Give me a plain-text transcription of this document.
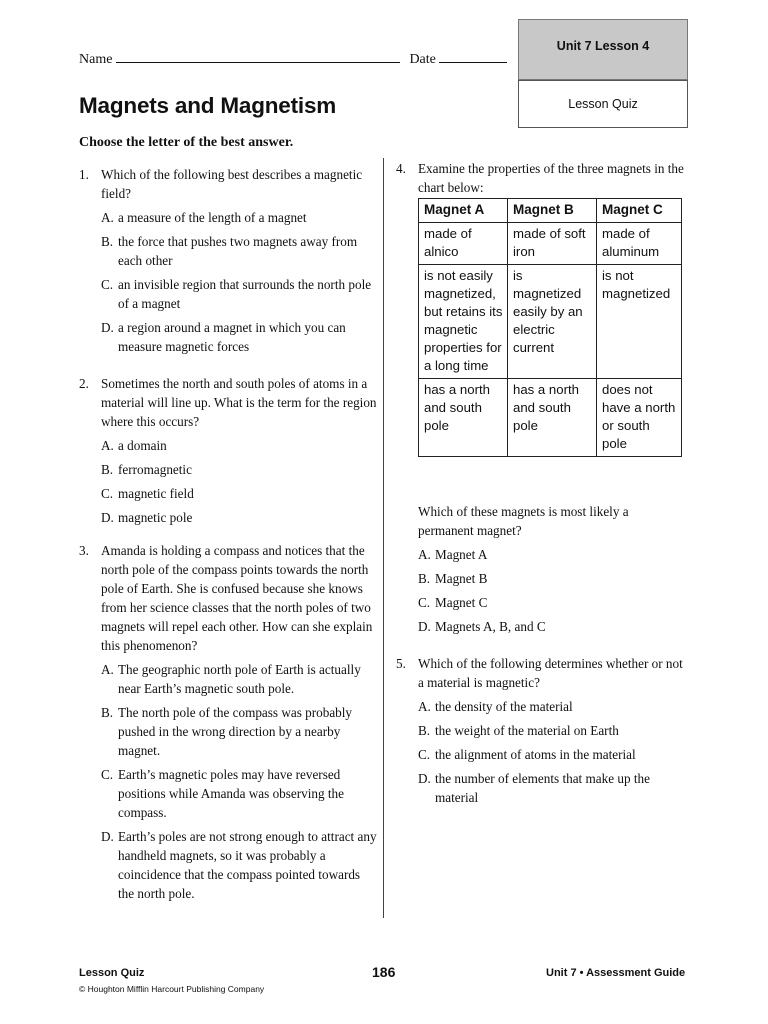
Name	Date
Unit 7 Lesson 4
Lesson Quiz
Magnets and Magnetism
Choose the letter of the best answer.
1. Which of the following best describes a magnetic field?
A. a measure of the length of a magnet
B. the force that pushes two magnets away from each other
C. an invisible region that surrounds the north pole of a magnet
D. a region around a magnet in which you can measure magnetic forces
2. Sometimes the north and south poles of atoms in a material will line up. What is the term for the region where this occurs?
A. a domain
B. ferromagnetic
C. magnetic field
D. magnetic pole
3. Amanda is holding a compass and notices that the north pole of the compass points towards the north pole of Earth. She is confused because she knows from her science classes that the north poles of two magnets will repel each other. How can she explain this phenomenon?
A. The geographic north pole of Earth is actually near Earth’s magnetic south pole.
B. The north pole of the compass was probably pushed in the wrong direction by a nearby magnet.
C. Earth’s magnetic poles may have reversed positions while Amanda was observing the compass.
D. Earth’s poles are not strong enough to attract any handheld magnets, so it was probably a coincidence that the compass pointed towards the north pole.
4. Examine the properties of the three magnets in the chart below:
Magnet A	Magnet B	Magnet C
made of alnico	made of soft iron	made of aluminum
is not easily magnetized, but retains its magnetic properties for a long time	is magnetized easily by an electric current	is not magnetized
has a north and south pole	has a north and south pole	does not have a north or south pole
Which of these magnets is most likely a permanent magnet?
A. Magnet A
B. Magnet B
C. Magnet C
D. Magnets A, B, and C
5. Which of the following determines whether or not a material is magnetic?
A. the density of the material
B. the weight of the material on Earth
C. the alignment of atoms in the material
D. the number of elements that make up the material
Lesson Quiz
© Houghton Mifflin Harcourt Publishing Company
186	Unit 7 • Assessment Guide
